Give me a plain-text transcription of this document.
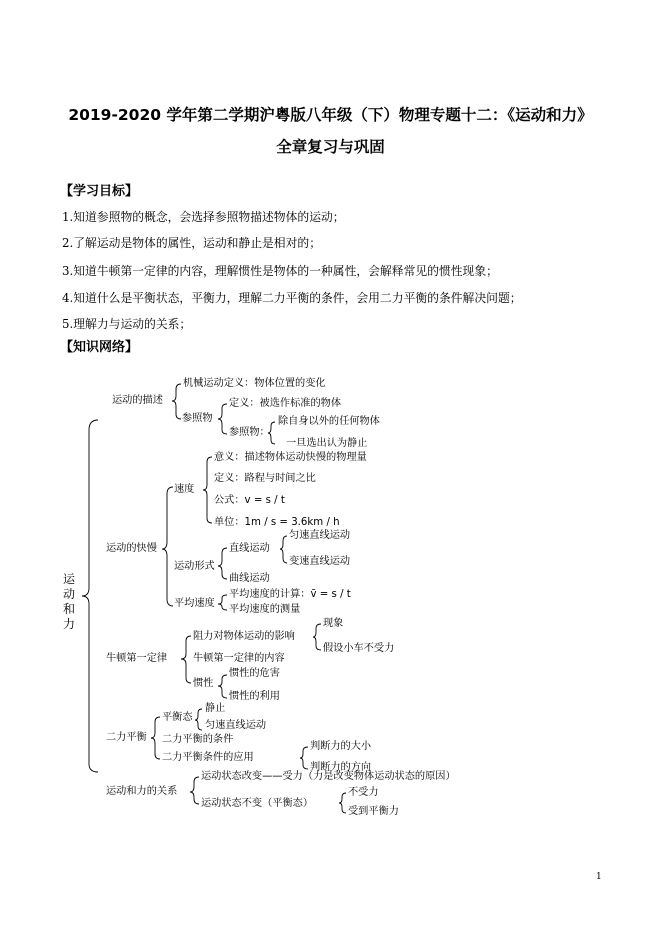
2019-2020 学年第二学期沪粤版八年级（下）物理专题十二：《运动和力》
全章复习与巩固
【学习目标】
1.知道参照物的概念，会选择参照物描述物体的运动；
2.了解运动是物体的属性，运动和静止是相对的；
3.知道牛顿第一定律的内容，理解惯性是物体的一种属性，会解释常见的惯性现象；
4.知道什么是平衡状态，平衡力，理解二力平衡的条件，会用二力平衡的条件解决问题；
5.理解力与运动的关系；
【知识网络】
运动和力
运动的描述
机械运动定义：物体位置的变化
参照物
定义：被选作标准的物体
参照物：
除自身以外的任何物体
一旦选出认为静止
运动的快慢
速度
意义：描述物体运动快慢的物理量
定义：路程与时间之比
公式：v = s / t
单位：1m / s = 3.6km / h
运动形式
直线运动
匀速直线运动
变速直线运动
曲线运动
平均速度
平均速度的计算：v̄ = s / t
平均速度的测量
牛顿第一定律
阻力对物体运动的影响
现象
假设小车不受力
牛顿第一定律的内容
惯性
惯性的危害
惯性的利用
二力平衡
平衡态
静止
匀速直线运动
二力平衡的条件
二力平衡条件的应用
判断力的大小
判断力的方向
运动和力的关系
运动状态改变——受力（力是改变物体运动状态的原因）
运动状态不变（平衡态）
不受力
受到平衡力
1
